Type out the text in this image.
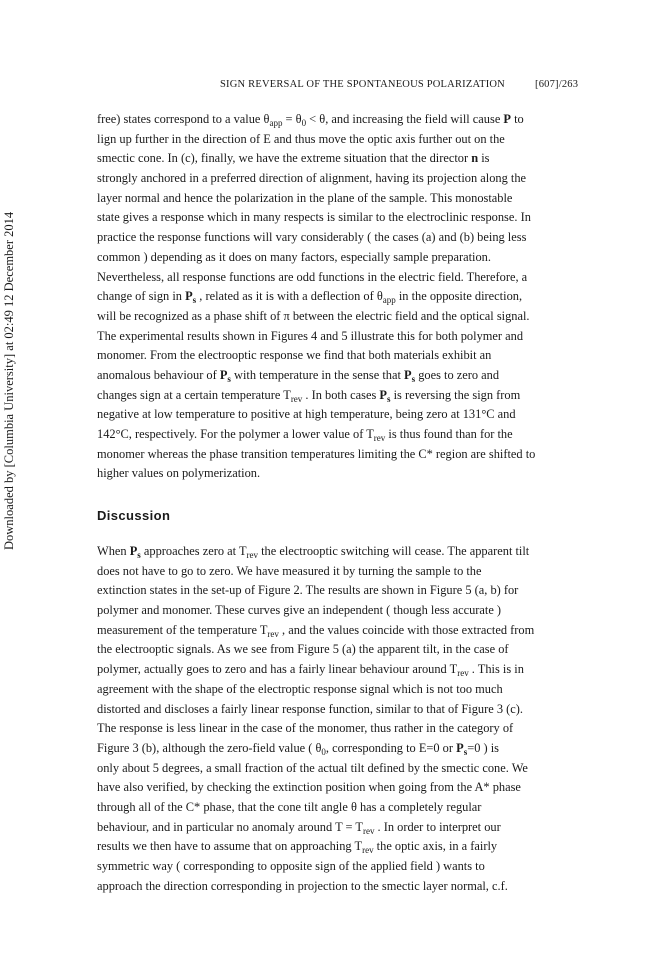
SIGN REVERSAL OF THE SPONTANEOUS POLARIZATION	[607]/263
Downloaded by [Columbia University] at 02:49 12 December 2014
free) states correspond to a value $\theta_{app} = \theta_0 < \theta$, and increasing the field will cause P to
lign up further in the direction of E and thus move the optic axis further out on the
smectic cone. In (c), finally, we have the extreme situation that the director n is
strongly anchored in a preferred direction of alignment, having its projection along the
layer normal and hence the polarization in the plane of the sample. This monostable
state gives a response which in many respects is similar to the electroclinic response. In
practice the response functions will vary considerably ( the cases (a) and (b) being less
common ) depending as it does on many factors, especially sample preparation.
Nevertheless, all response functions are odd functions in the electric field. Therefore, a
change of sign in $P_s$ , related as it is with a deflection of $\theta_{app}$ in the opposite direction,
will be recognized as a phase shift of π between the electric field and the optical signal.
The experimental results shown in Figures 4 and 5 illustrate this for both polymer and
monomer. From the electrooptic response we find that both materials exhibit an
anomalous behaviour of $P_s$ with temperature in the sense that $P_s$ goes to zero and
changes sign at a certain temperature $T_{rev}$ . In both cases $P_s$ is reversing the sign from
negative at low temperature to positive at high temperature, being zero at 131°C and
142°C, respectively. For the polymer a lower value of $T_{rev}$ is thus found than for the
monomer whereas the phase transition temperatures limiting the C* region are shifted to
higher values on polymerization.
Discussion
When $P_s$ approaches zero at $T_{rev}$ the electrooptic switching will cease. The apparent tilt
does not have to go to zero. We have measured it by turning the sample to the
extinction states in the set-up of Figure 2. The results are shown in Figure 5 (a, b) for
polymer and monomer. These curves give an independent ( though less accurate )
measurement of the temperature $T_{rev}$ , and the values coincide with those extracted from
the electrooptic signals. As we see from Figure 5 (a) the apparent tilt, in the case of
polymer, actually goes to zero and has a fairly linear behaviour around $T_{rev}$ . This is in
agreement with the shape of the electroptic response signal which is not too much
distorted and discloses a fairly linear response function, similar to that of Figure 3 (c).
The response is less linear in the case of the monomer, thus rather in the category of
Figure 3 (b), although the zero-field value ( $\theta_0$, corresponding to E=0 or $P_s=0$ ) is
only about 5 degrees, a small fraction of the actual tilt defined by the smectic cone. We
have also verified, by checking the extinction position when going from the A* phase
through all of the C* phase, that the cone tilt angle θ has a completely regular
behaviour, and in particular no anomaly around $T = T_{rev}$ . In order to interpret our
results we then have to assume that on approaching $T_{rev}$ the optic axis, in a fairly
symmetric way ( corresponding to opposite sign of the applied field ) wants to
approach the direction corresponding in projection to the smectic layer normal, c.f.
